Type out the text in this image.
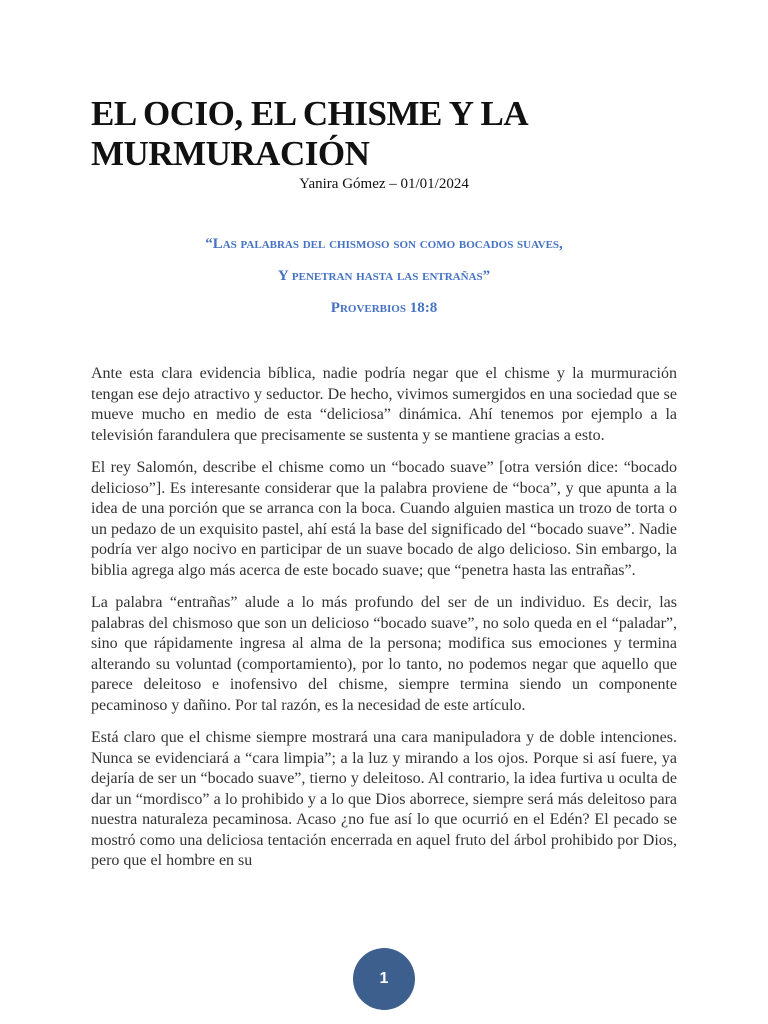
EL OCIO, EL CHISME Y LA MURMURACIÓN
Yanira Gómez – 01/01/2024
“Las palabras del chismoso son como bocados suaves,
Y penetran hasta las entrañas”
Proverbios 18:8

Ante esta clara evidencia bíblica, nadie podría negar que el chisme y la murmuración tengan ese dejo atractivo y seductor. De hecho, vivimos sumergidos en una sociedad que se mueve mucho en medio de esta “deliciosa” dinámica. Ahí tenemos por ejemplo a la televisión farandulera que precisamente se sustenta y se mantiene gracias a esto.

El rey Salomón, describe el chisme como un “bocado suave” [otra versión dice: “bocado delicioso”]. Es interesante considerar que la palabra proviene de “boca”, y que apunta a la idea de una porción que se arranca con la boca. Cuando alguien mastica un trozo de torta o un pedazo de un exquisito pastel, ahí está la base del significado del “bocado suave”. Nadie podría ver algo nocivo en participar de un suave bocado de algo delicioso. Sin embargo, la biblia agrega algo más acerca de este bocado suave; que “penetra hasta las entrañas”.

La palabra “entrañas” alude a lo más profundo del ser de un individuo. Es decir, las palabras del chismoso que son un delicioso “bocado suave”, no solo queda en el “paladar”, sino que rápidamente ingresa al alma de la persona; modifica sus emociones y termina alterando su voluntad (comportamiento), por lo tanto, no podemos negar que aquello que parece deleitoso e inofensivo del chisme, siempre termina siendo un componente pecaminoso y dañino. Por tal razón, es la necesidad de este artículo.

Está claro que el chisme siempre mostrará una cara manipuladora y de doble intenciones. Nunca se evidenciará a “cara limpia”; a la luz y mirando a los ojos. Porque si así fuere, ya dejaría de ser un “bocado suave”, tierno y deleitoso. Al contrario, la idea furtiva u oculta de dar un “mordisco” a lo prohibido y a lo que Dios aborrece, siempre será más deleitoso para nuestra naturaleza pecaminosa. Acaso ¿no fue así lo que ocurrió en el Edén? El pecado se mostró como una deliciosa tentación encerrada en aquel fruto del árbol prohibido por Dios, pero que el hombre en su

1
